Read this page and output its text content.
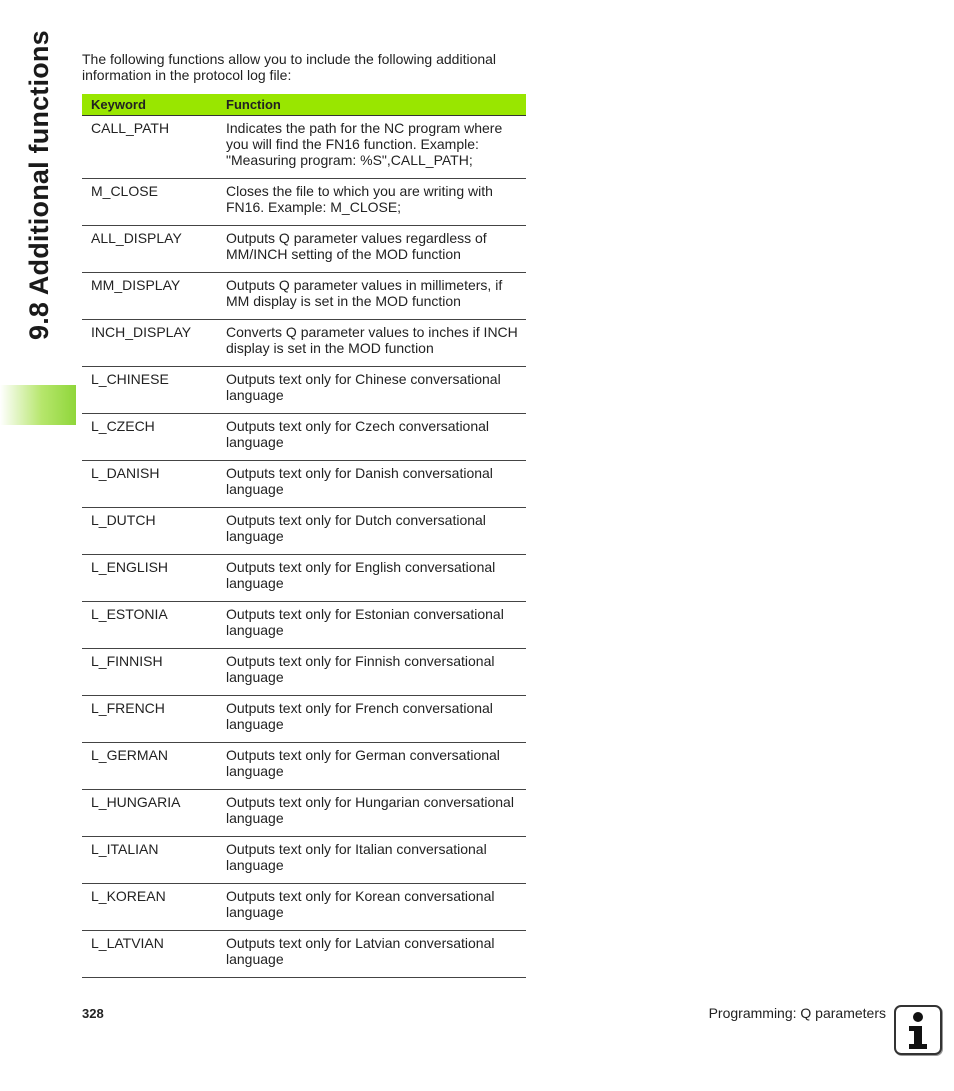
9.8 Additional functions The following functions allow you to include the following additional information in the protocol log file:

Keyword	Function
CALL_PATH	Indicates the path for the NC program where you will find the FN16 function. Example: "Measuring program: %S",CALL_PATH;
M_CLOSE	Closes the file to which you are writing with FN16. Example: M_CLOSE;
ALL_DISPLAY	Outputs Q parameter values regardless of MM/INCH setting of the MOD function
MM_DISPLAY	Outputs Q parameter values in millimeters, if MM display is set in the MOD function
INCH_DISPLAY	Converts Q parameter values to inches if INCH display is set in the MOD function
L_CHINESE	Outputs text only for Chinese conversational language
L_CZECH	Outputs text only for Czech conversational language
L_DANISH	Outputs text only for Danish conversational language
L_DUTCH	Outputs text only for Dutch conversational language
L_ENGLISH	Outputs text only for English conversational language
L_ESTONIA	Outputs text only for Estonian conversational language
L_FINNISH	Outputs text only for Finnish conversational language
L_FRENCH	Outputs text only for French conversational language
L_GERMAN	Outputs text only for German conversational language
L_HUNGARIA	Outputs text only for Hungarian conversational language
L_ITALIAN	Outputs text only for Italian conversational language
L_KOREAN	Outputs text only for Korean conversational language
L_LATVIAN	Outputs text only for Latvian conversational language
328	Programming: Q parameters
